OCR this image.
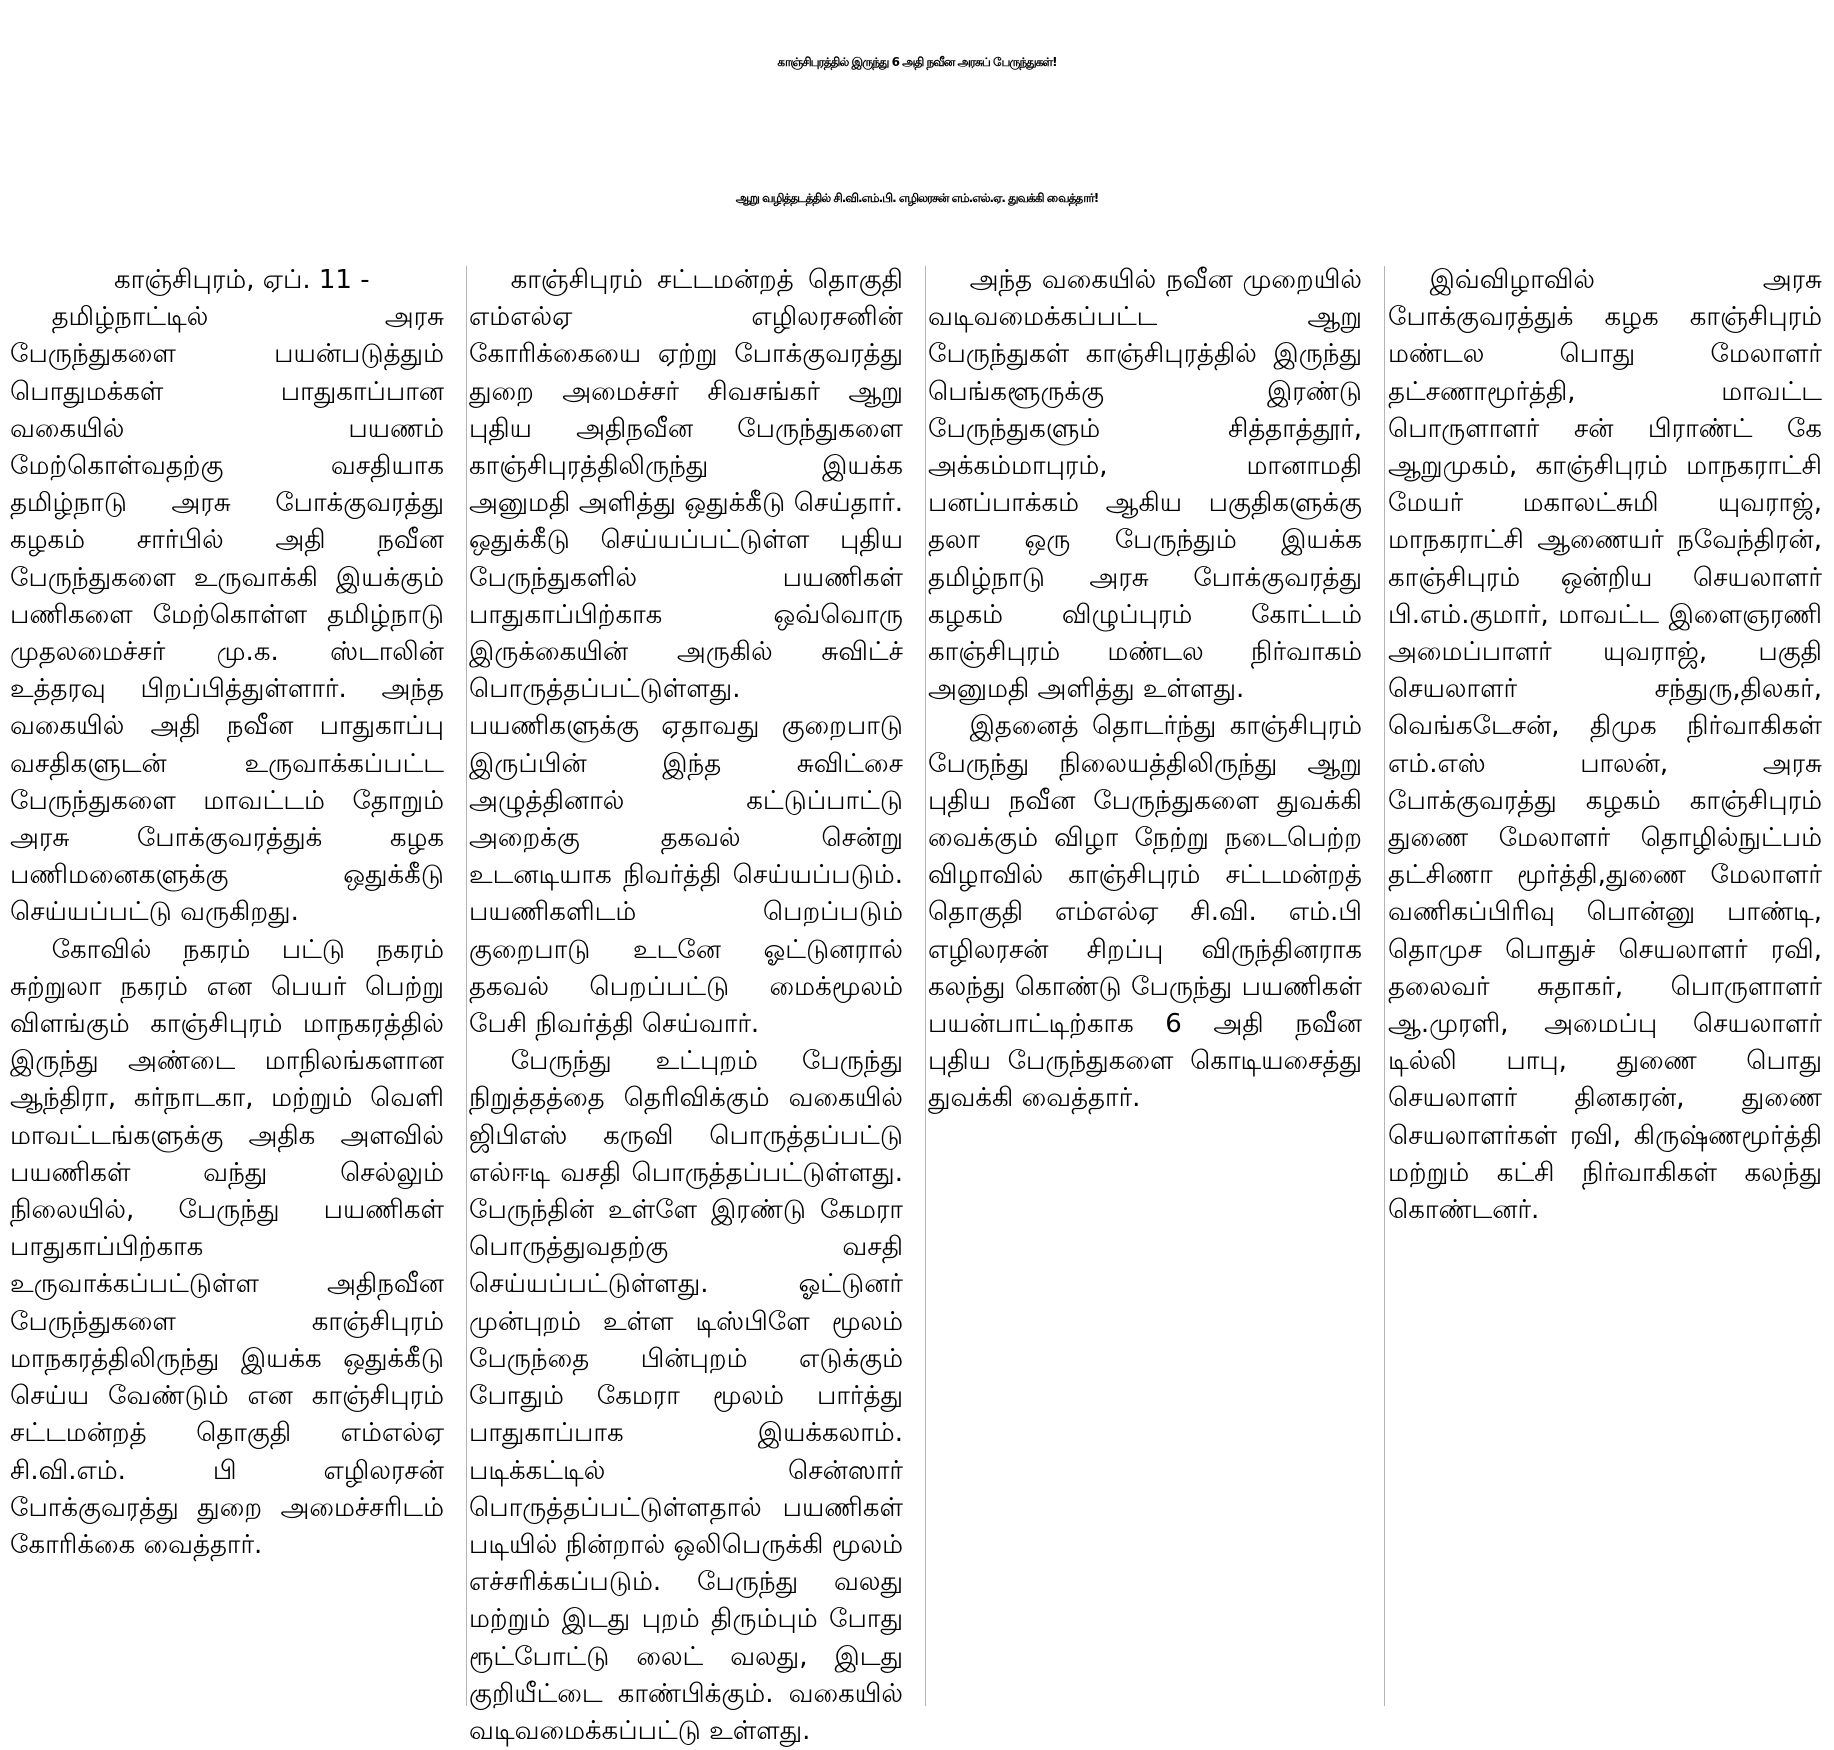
காஞ்சிபுரத்தில் இருந்து 6 அதி நவீன அரசுப் பேருந்துகள்!
ஆறு வழித்தடத்தில் சி.வி.எம்.பி. எழிலரசன் எம்.எல்.ஏ. துவக்கி வைத்தார்!

காஞ்சிபுரம், ஏப். 11 -

தமிழ்நாட்டில் அரசு பேருந்துகளை பயன்படுத்தும் பொதுமக்கள் பாதுகாப்பான வகையில் பயணம் மேற்கொள்வதற்கு வசதியாக தமிழ்நாடு அரசு போக்குவரத்து கழகம் சார்பில் அதி நவீன பேருந்துகளை உருவாக்கி இயக்கும் பணிகளை மேற்கொள்ள தமிழ்நாடு முதலமைச்சர் மு.க. ஸ்டாலின் உத்தரவு பிறப்பித்துள்ளார். அந்த வகையில் அதி நவீன பாதுகாப்பு வசதிகளுடன் உருவாக்கப்பட்ட பேருந்துகளை மாவட்டம் தோறும் அரசு போக்குவரத்துக் கழக பணிமனைகளுக்கு ஒதுக்கீடு செய்யப்பட்டு வருகிறது.

கோவில் நகரம் பட்டு நகரம் சுற்றுலா நகரம் என பெயர் பெற்று விளங்கும் காஞ்சிபுரம் மாநகரத்தில் இருந்து அண்டை மாநிலங்களான ஆந்திரா, கர்நாடகா, மற்றும் வெளி மாவட்டங்களுக்கு அதிக அளவில் பயணிகள் வந்து செல்லும் நிலையில், பேருந்து பயணிகள் பாதுகாப்பிற்காக உருவாக்கப்பட்டுள்ள அதிநவீன பேருந்துகளை காஞ்சிபுரம் மாநகரத்திலிருந்து இயக்க ஒதுக்கீடு செய்ய வேண்டும் என காஞ்சிபுரம் சட்டமன்றத் தொகுதி எம்எல்ஏ சி.வி.எம். பி எழிலரசன் போக்குவரத்து துறை அமைச்சரிடம் கோரிக்கை வைத்தார்.

காஞ்சிபுரம் சட்டமன்றத் தொகுதி எம்எல்ஏ எழிலரசனின் கோரிக்கையை ஏற்று போக்குவரத்து துறை அமைச்சர் சிவசங்கர் ஆறு புதிய அதிநவீன பேருந்துகளை காஞ்சிபுரத்திலிருந்து இயக்க அனுமதி அளித்து ஒதுக்கீடு செய்தார். ஒதுக்கீடு செய்யப்பட்டுள்ள புதிய பேருந்துகளில் பயணிகள் பாதுகாப்பிற்காக ஒவ்வொரு இருக்கையின் அருகில் சுவிட்ச் பொருத்தப்பட்டுள்ளது. பயணிகளுக்கு ஏதாவது குறைபாடு இருப்பின் இந்த சுவிட்சை அழுத்தினால் கட்டுப்பாட்டு அறைக்கு தகவல் சென்று உடனடியாக நிவர்த்தி செய்யப்படும். பயணிகளிடம் பெறப்படும் குறைபாடு உடனே ஓட்டுனரால் தகவல் பெறப்பட்டு மைக்மூலம் பேசி நிவர்த்தி செய்வார்.

பேருந்து உட்புறம் பேருந்து நிறுத்தத்தை தெரிவிக்கும் வகையில் ஜிபிஎஸ் கருவி பொருத்தப்பட்டு எல்ஈடி வசதி பொருத்தப்பட்டுள்ளது. பேருந்தின் உள்ளே இரண்டு கேமரா பொருத்துவதற்கு வசதி செய்யப்பட்டுள்ளது. ஓட்டுனர் முன்புறம் உள்ள டிஸ்பிளே மூலம் பேருந்தை பின்புறம் எடுக்கும் போதும் கேமரா மூலம் பார்த்து பாதுகாப்பாக இயக்கலாம். படிக்கட்டில் சென்ஸார் பொருத்தப்பட்டுள்ளதால் பயணிகள் படியில் நின்றால் ஒலிபெருக்கி மூலம் எச்சரிக்கப்படும். பேருந்து வலது மற்றும் இடது புறம் திரும்பும் போது ரூட்போட்டு லைட் வலது, இடது குறியீட்டை காண்பிக்கும். வகையில் வடிவமைக்கப்பட்டு உள்ளது.

அந்த வகையில் நவீன முறையில் வடிவமைக்கப்பட்ட ஆறு பேருந்துகள் காஞ்சிபுரத்தில் இருந்து பெங்களூருக்கு இரண்டு பேருந்துகளும் சித்தாத்தூர், அக்கம்மாபுரம், மானாமதி பனப்பாக்கம் ஆகிய பகுதிகளுக்கு தலா ஒரு பேருந்தும் இயக்க தமிழ்நாடு அரசு போக்குவரத்து கழகம் விழுப்புரம் கோட்டம் காஞ்சிபுரம் மண்டல நிர்வாகம் அனுமதி அளித்து உள்ளது.

இதனைத் தொடர்ந்து காஞ்சிபுரம் பேருந்து நிலையத்திலிருந்து ஆறு புதிய நவீன பேருந்துகளை துவக்கி வைக்கும் விழா நேற்று நடைபெற்ற விழாவில் காஞ்சிபுரம் சட்டமன்றத் தொகுதி எம்எல்ஏ சி.வி. எம்.பி எழிலரசன் சிறப்பு விருந்தினராக கலந்து கொண்டு பேருந்து பயணிகள் பயன்பாட்டிற்காக 6 அதி நவீன புதிய பேருந்துகளை கொடியசைத்து துவக்கி வைத்தார்.

இவ்விழாவில் அரசு போக்குவரத்துக் கழக காஞ்சிபுரம் மண்டல பொது மேலாளர் தட்சணாமூர்த்தி, மாவட்ட பொருளாளர் சன் பிராண்ட் கே ஆறுமுகம், காஞ்சிபுரம் மாநகராட்சி மேயர் மகாலட்சுமி யுவராஜ், மாநகராட்சி ஆணையர் நவேந்திரன், காஞ்சிபுரம் ஒன்றிய செயலாளர் பி.எம்.குமார், மாவட்ட இளைஞரணி அமைப்பாளர் யுவராஜ், பகுதி செயலாளர் சந்துரு,திலகர், வெங்கடேசன், திமுக நிர்வாகிகள் எம்.எஸ் பாலன், அரசு போக்குவரத்து கழகம் காஞ்சிபுரம் துணை மேலாளர் தொழில்நுட்பம் தட்சிணா மூர்த்தி,துணை மேலாளர் வணிகப்பிரிவு பொன்னு பாண்டி, தொமுச பொதுச் செயலாளர் ரவி, தலைவர் சுதாகர், பொருளாளர் ஆ.முரளி, அமைப்பு செயலாளர் டில்லி பாபு, துணை பொது செயலாளர் தினகரன், துணை செயலாளர்கள் ரவி, கிருஷ்ணமூர்த்தி மற்றும் கட்சி நிர்வாகிகள் கலந்து கொண்டனர்.
